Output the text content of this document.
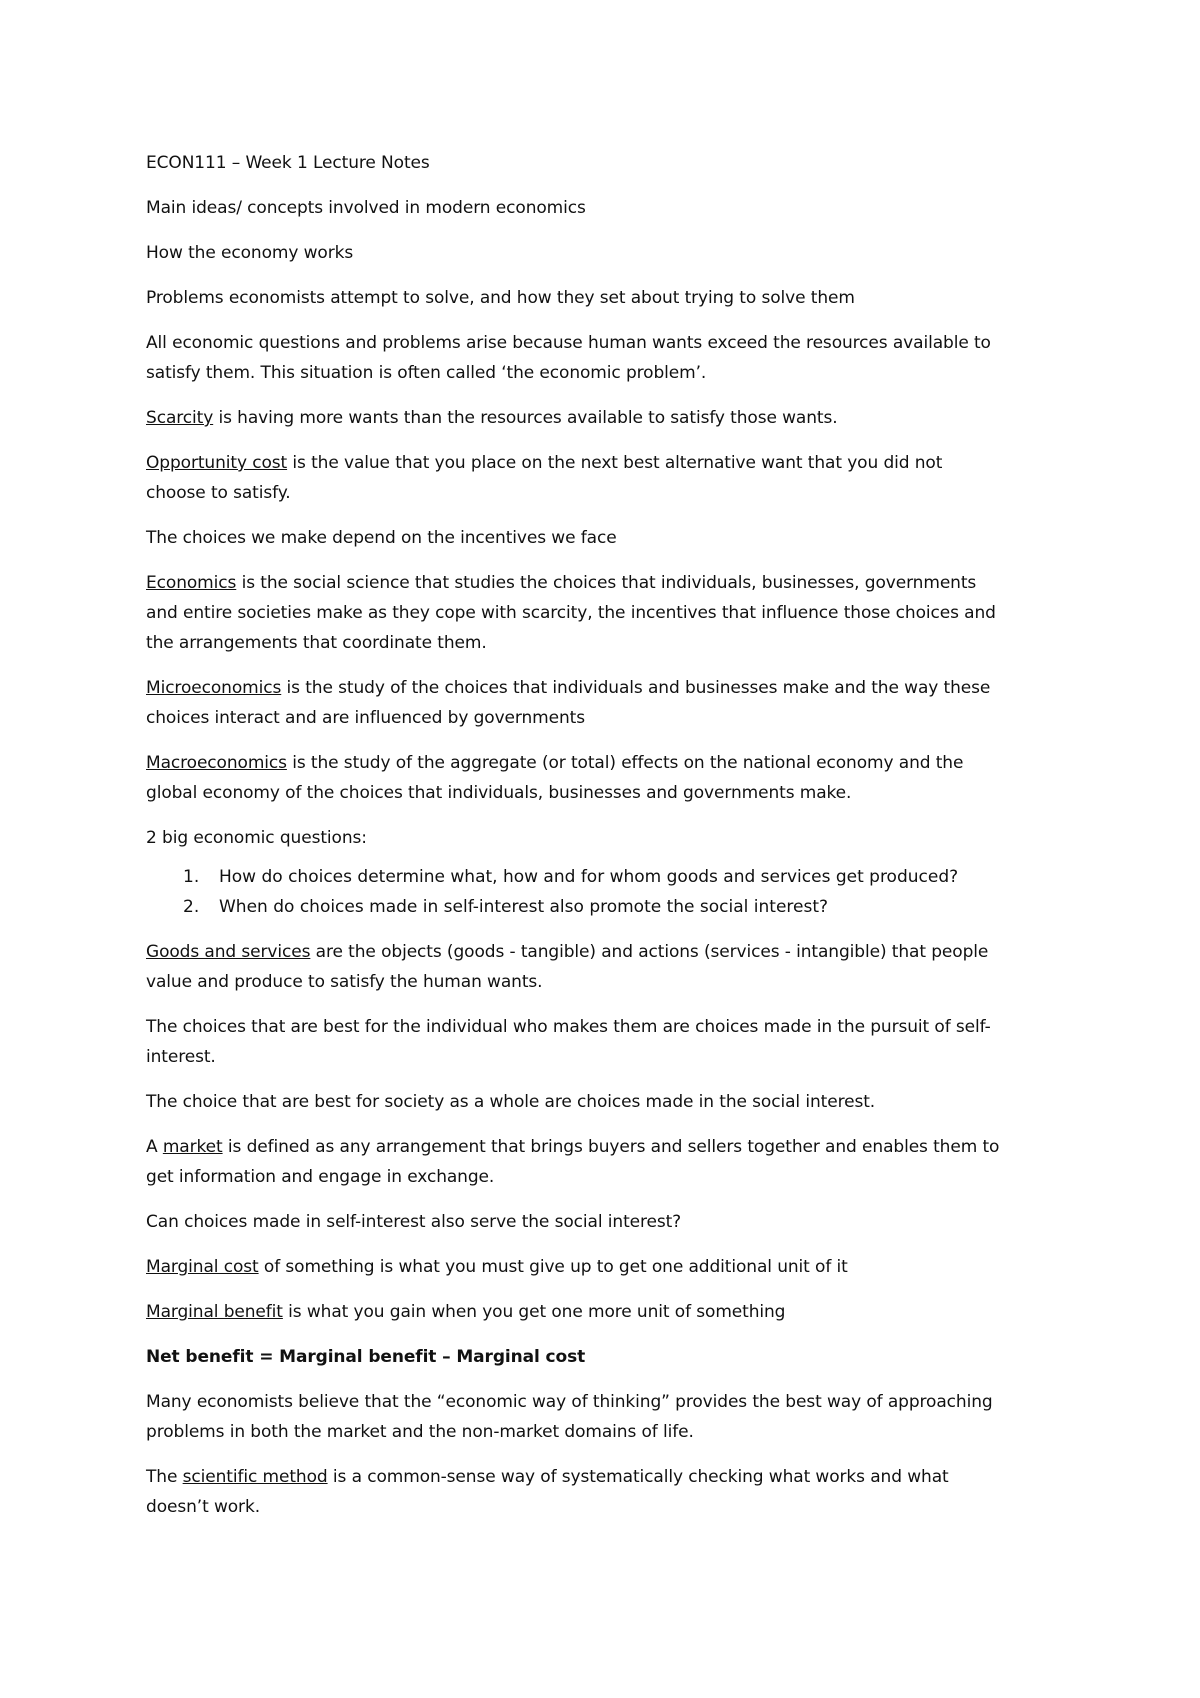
ECON111 – Week 1 Lecture Notes

Main ideas/ concepts involved in modern economics

How the economy works

Problems economists attempt to solve, and how they set about trying to solve them

All economic questions and problems arise because human wants exceed the resources available to
satisfy them. This situation is often called ‘the economic problem’.

Scarcity is having more wants than the resources available to satisfy those wants.

Opportunity cost is the value that you place on the next best alternative want that you did not
choose to satisfy.

The choices we make depend on the incentives we face

Economics is the social science that studies the choices that individuals, businesses, governments
and entire societies make as they cope with scarcity, the incentives that influence those choices and
the arrangements that coordinate them.

Microeconomics is the study of the choices that individuals and businesses make and the way these
choices interact and are influenced by governments

Macroeconomics is the study of the aggregate (or total) effects on the national economy and the
global economy of the choices that individuals, businesses and governments make.

2 big economic questions:

1. How do choices determine what, how and for whom goods and services get produced?
2. When do choices made in self-interest also promote the social interest?

Goods and services are the objects (goods - tangible) and actions (services - intangible) that people
value and produce to satisfy the human wants.

The choices that are best for the individual who makes them are choices made in the pursuit of self-
interest.

The choice that are best for society as a whole are choices made in the social interest.

A market is defined as any arrangement that brings buyers and sellers together and enables them to
get information and engage in exchange.

Can choices made in self-interest also serve the social interest?

Marginal cost of something is what you must give up to get one additional unit of it

Marginal benefit is what you gain when you get one more unit of something

Net benefit = Marginal benefit – Marginal cost

Many economists believe that the “economic way of thinking” provides the best way of approaching
problems in both the market and the non-market domains of life.

The scientific method is a common-sense way of systematically checking what works and what
doesn’t work.
